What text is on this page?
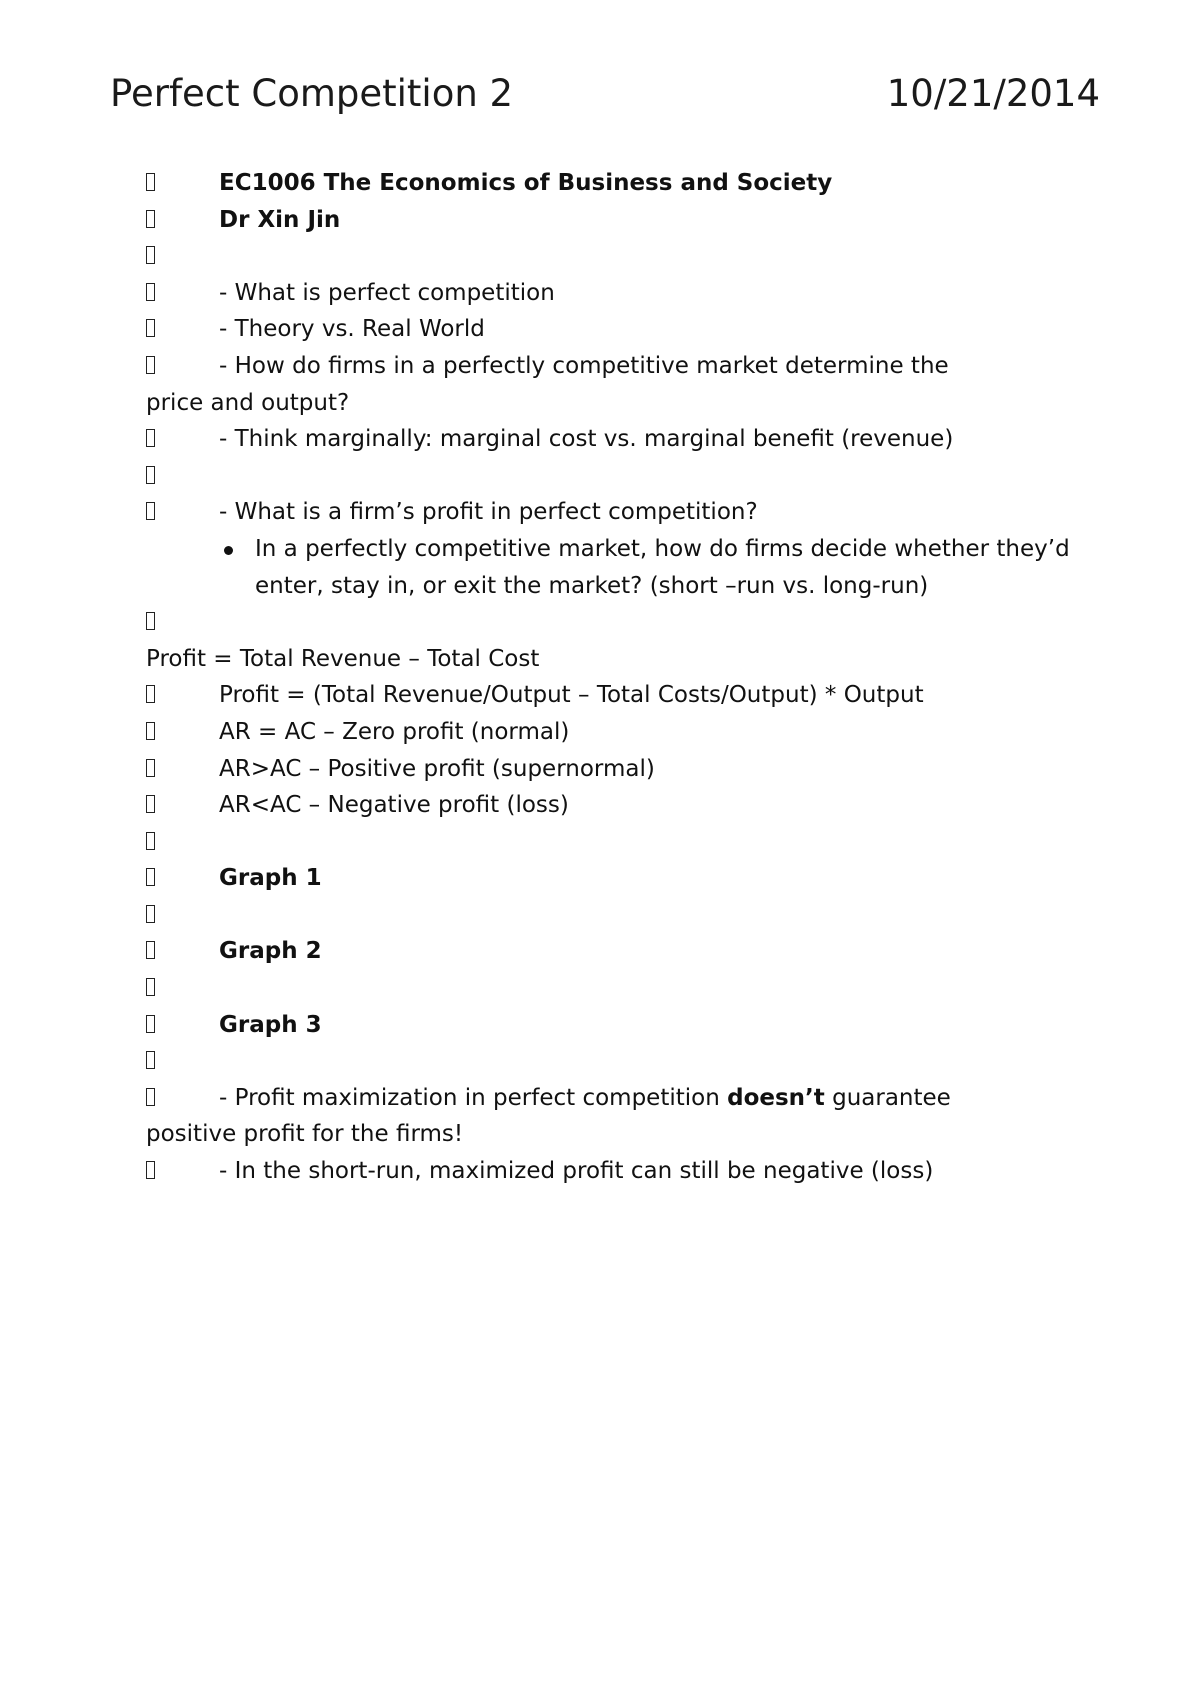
Perfect Competition 2	10/21/2014
EC1006 The Economics of Business and Society
Dr Xin Jin
- What is perfect competition
- Theory vs. Real World
- How do firms in a perfectly competitive market determine the
price and output?
- Think marginally: marginal cost vs. marginal benefit (revenue)
- What is a firm’s profit in perfect competition?
In a perfectly competitive market, how do firms decide whether they’d enter, stay in, or exit the market? (short –run vs. long-run)
Profit = Total Revenue – Total Cost
Profit = (Total Revenue/Output – Total Costs/Output) * Output
AR = AC – Zero profit (normal)
AR>AC – Positive profit (supernormal)
AR<AC – Negative profit (loss)
Graph 1
Graph 2
Graph 3
- Profit maximization in perfect competition doesn’t guarantee
positive profit for the firms!
- In the short-run, maximized profit can still be negative (loss)
